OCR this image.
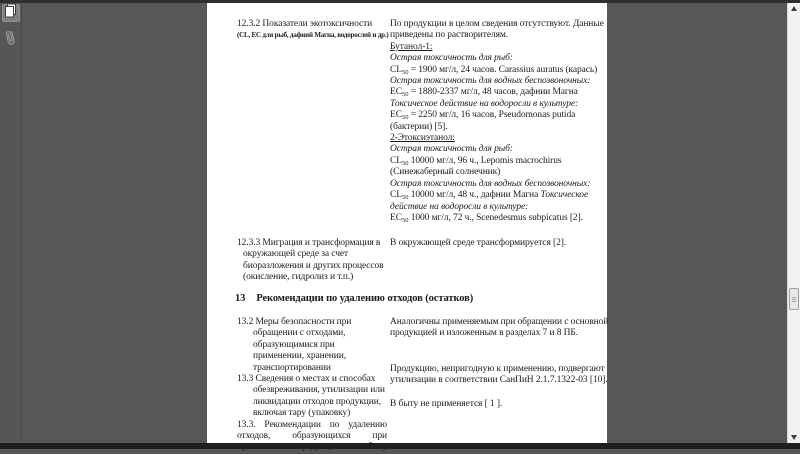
12.3.2 Показатели экотоксичности
(CL, ЕС для рыб, дафний Магна, водорослей и др.)
По продукции в целом сведения отсутствуют. Данные
приведены по растворителям.
Бутанол-1:
Острая токсичность для рыб:
$CL_{50} = 1900$ мг/л, 24 часов. Carassius auratus (карась)
Острая токсичность для водных беспозвоночных:
$ЕС_{50} = 1880-2337$ мг/л, 48 часов, дафнии Магна
Токсическое действие на водоросли в культуре:
$ЕС_{50} = 2250$ мг/л, 16 часов, Pseudomonas putida
(бактерии) [5].
2-Этоксиэтанол:
Острая токсичность для рыб:
$CL_{50}$ 10000 мг/л, 96 ч., Lepomis macrochirus
(Синежаберный солнечник)
Острая токсичность для водных беспозвоночных:
$CL_{50}$ 10000 мг/л, 48 ч., дафнии Магна Токсическое
действие на водоросли в культуре:
$EC_{50}$ 1000 мг/л, 72 ч., Scenedesmus subpicatus [2].
12.3.3 Миграция и трансформация в
окружающей среде за счет
биоразложения и других процессов
(окисление, гидролиз и т.п.)
В окружающей среде трансформируется [2].
13 Рекомендации по удалению отходов (остатков)
13.2 Меры безопасности при
обращении с отходами,
образующимися при
применении, хранении,
транспортировании
13.3 Сведения о местах и способах
обезвреживания, утилизации или
ликвидации отходов продукции,
включая тару (упаковку)
13.3. Рекомендации по удалению
отходов, образующихся при
Аналогичны применяемым при обращении с основной
продукцией и изложенным в разделах 7 и 8 ПБ.
Продукцию, непригодную к применению, подвергают
утилизации в соответствии СанПиН 2.1.7.1322-03 [10].
В быту не применяется [ 1 ].
